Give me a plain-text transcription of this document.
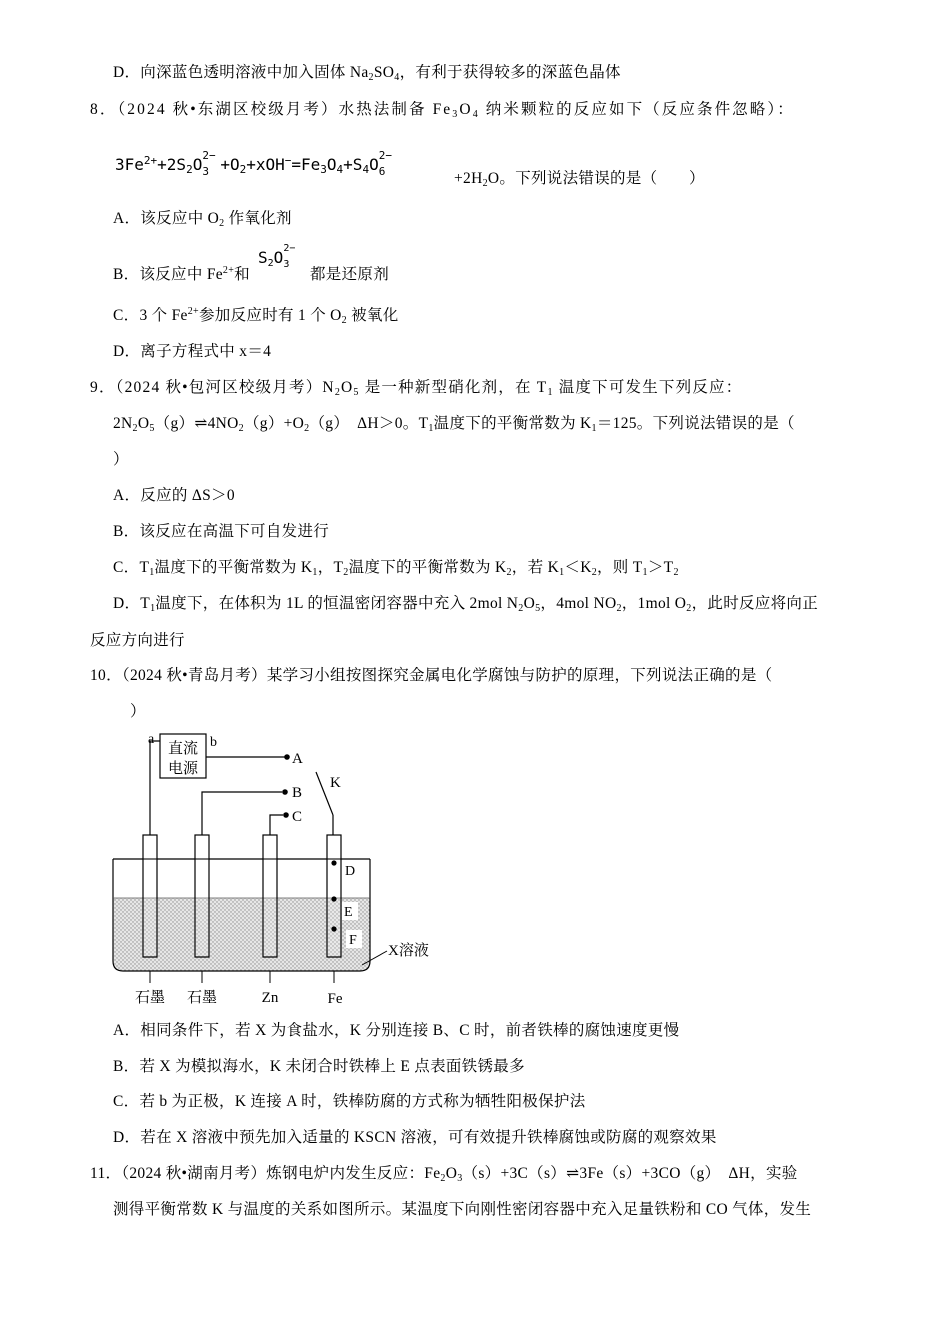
D．向深蓝色透明溶液中加入固体 $Na_2SO_4$，有利于获得较多的深蓝色晶体
8．（2024 秋•东湖区校级月考）水热法制备 $Fe_3O_4$ 纳米颗粒的反应如下（反应条件忽略）：
$3Fe^{2+}+2S_2O$ 2−
$3 +O_2+xOH^-=Fe_3O_4+S_4O$ 2−
6	$+2H_2O$。下列说法错误的是（　　）
A．该反应中 $O_2$ 作氧化剂
B．该反应中 $Fe^{2+}$和
$S_2O$ 2−
3
都是还原剂
C．3 个 $Fe^{2+}$参加反应时有 1 个 $O_2$ 被氧化
D．离子方程式中 x＝4
9．（2024 秋•包河区校级月考）$N_2O_5$ 是一种新型硝化剂，在 $T_1$ 温度下可发生下列反应：
$2N_2O_5(g)\rightleftharpoons 4NO_2(g)+O_2(g)$　ΔH＞0。$T_1$温度下的平衡常数为 $K_1=125$。下列说法错误的是（
）
A．反应的 ΔS＞0
B．该反应在高温下可自发进行
C．$T_1$温度下的平衡常数为 $K_1$，$T_2$温度下的平衡常数为 $K_2$，若 $K_1<K_2$，则 $T_1>T_2$
D．$T_1$温度下，在体积为 1L 的恒温密闭容器中充入 2mol $N_2O_5$，4mol $NO_2$，1mol $O_2$，此时反应将向正
反应方向进行
10．（2024 秋•青岛月考）某学习小组按图探究金属电化学腐蚀与防护的原理，下列说法正确的是（
）
直流
电源
a	b
A
B
C
K
D
E
F
X溶液
石墨 石墨	Zn	Fe
A．相同条件下，若 X 为食盐水，K 分别连接 B、C 时，前者铁棒的腐蚀速度更慢
B．若 X 为模拟海水，K 未闭合时铁棒上 E 点表面铁锈最多
C．若 b 为正极，K 连接 A 时，铁棒防腐的方式称为牺牲阳极保护法
D．若在 X 溶液中预先加入适量的 KSCN 溶液，可有效提升铁棒腐蚀或防腐的观察效果
11．（2024 秋•湖南月考）炼钢电炉内发生反应：$Fe_2O_3(s)+3C(s)\rightleftharpoons 3Fe(s)+3CO(g)$　ΔH，实验
测得平衡常数 K 与温度的关系如图所示。某温度下向刚性密闭容器中充入足量铁粉和 CO 气体，发生
